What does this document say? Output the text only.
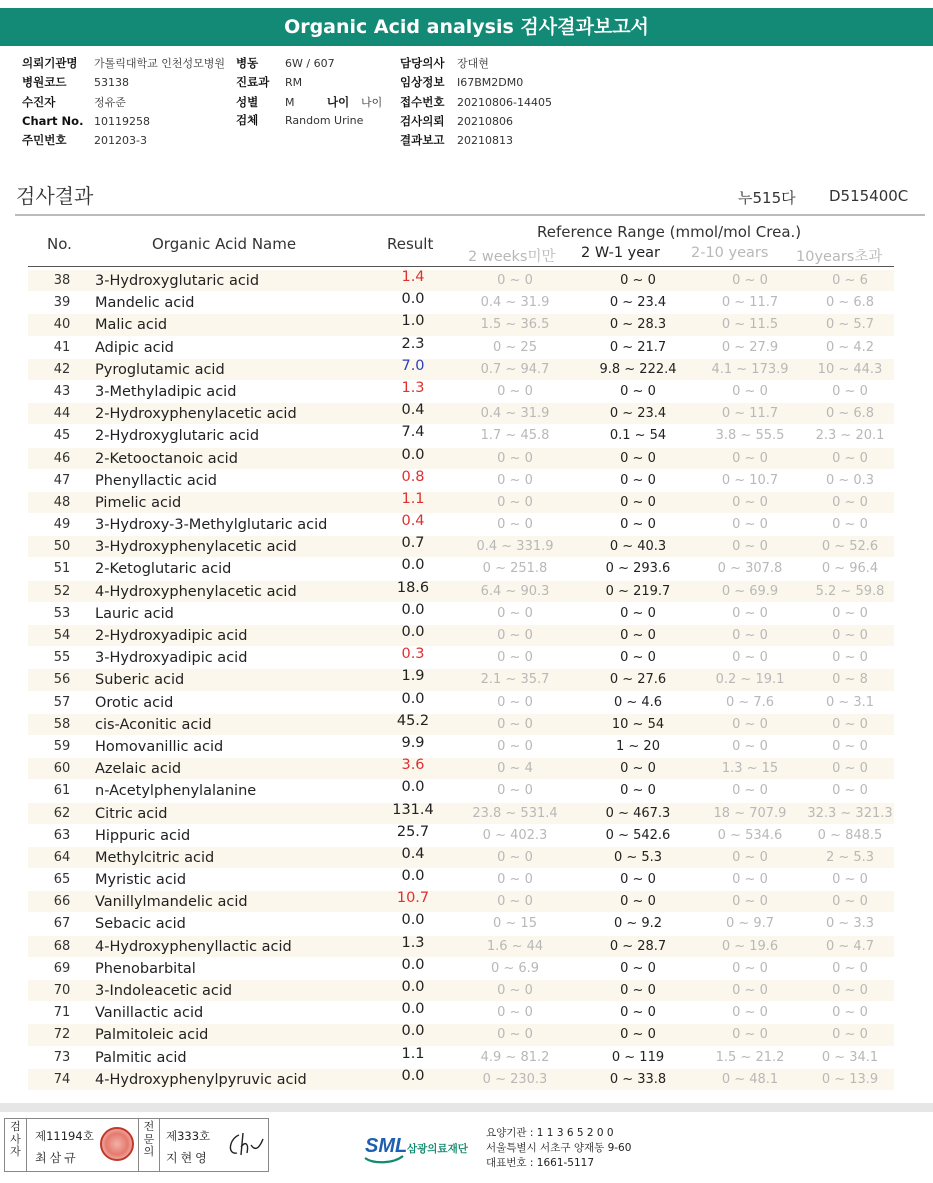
Organic Acid analysis 검사결과보고서
의뢰기관명 가톨릭대학교 인천성모병원
병원코드	53138
수진자	정유준
Chart No. 10119258
주민번호	201203-3
병동 6W / 607
진료과 RM
성별 M	나이 나이
검체 Random Urine
담당의사 장대현
임상정보 I67BM2DM0
접수번호 20210806-14405
검사의뢰 20210806
결과보고 20210813
검사결과	누515다 D515400C
No.	Organic Acid Name	Result
Reference Range (mmol/mol Crea.)
2 weeks미만 2 W-1 year 2-10 years 10years초과
38	3-Hydroxyglutaric acid	1.4	0 ~ 0	0 ~ 0	0 ~ 0	0 ~ 6
39	Mandelic acid	0.0	0.4 ~ 31.9	0 ~ 23.4	0 ~ 11.7	0 ~ 6.8
40	Malic acid	1.0	1.5 ~ 36.5	0 ~ 28.3	0 ~ 11.5	0 ~ 5.7
41	Adipic acid	2.3	0 ~ 25	0 ~ 21.7	0 ~ 27.9	0 ~ 4.2
42	Pyroglutamic acid	7.0	0.7 ~ 94.7	9.8 ~ 222.4	4.1 ~ 173.9	10 ~ 44.3
43	3-Methyladipic acid	1.3	0 ~ 0	0 ~ 0	0 ~ 0	0 ~ 0
44	2-Hydroxyphenylacetic acid	0.4	0.4 ~ 31.9	0 ~ 23.4	0 ~ 11.7	0 ~ 6.8
45	2-Hydroxyglutaric acid	7.4	1.7 ~ 45.8	0.1 ~ 54	3.8 ~ 55.5	2.3 ~ 20.1
46	2-Ketooctanoic acid	0.0	0 ~ 0	0 ~ 0	0 ~ 0	0 ~ 0
47	Phenyllactic acid	0.8	0 ~ 0	0 ~ 0	0 ~ 10.7	0 ~ 0.3
48	Pimelic acid	1.1	0 ~ 0	0 ~ 0	0 ~ 0	0 ~ 0
49	3-Hydroxy-3-Methylglutaric acid	0.4	0 ~ 0	0 ~ 0	0 ~ 0	0 ~ 0
50	3-Hydroxyphenylacetic acid	0.7	0.4 ~ 331.9	0 ~ 40.3	0 ~ 0	0 ~ 52.6
51	2-Ketoglutaric acid	0.0	0 ~ 251.8	0 ~ 293.6	0 ~ 307.8	0 ~ 96.4
52	4-Hydroxyphenylacetic acid	18.6	6.4 ~ 90.3	0 ~ 219.7	0 ~ 69.9	5.2 ~ 59.8
53	Lauric acid	0.0	0 ~ 0	0 ~ 0	0 ~ 0	0 ~ 0
54	2-Hydroxyadipic acid	0.0	0 ~ 0	0 ~ 0	0 ~ 0	0 ~ 0
55	3-Hydroxyadipic acid	0.3	0 ~ 0	0 ~ 0	0 ~ 0	0 ~ 0
56	Suberic acid	1.9	2.1 ~ 35.7	0 ~ 27.6	0.2 ~ 19.1	0 ~ 8
57	Orotic acid	0.0	0 ~ 0	0 ~ 4.6	0 ~ 7.6	0 ~ 3.1
58	cis-Aconitic acid	45.2	0 ~ 0	10 ~ 54	0 ~ 0	0 ~ 0
59	Homovanillic acid	9.9	0 ~ 0	1 ~ 20	0 ~ 0	0 ~ 0
60	Azelaic acid	3.6	0 ~ 4	0 ~ 0	1.3 ~ 15	0 ~ 0
61	n-Acetylphenylalanine	0.0	0 ~ 0	0 ~ 0	0 ~ 0	0 ~ 0
62	Citric acid	131.4	23.8 ~ 531.4	0 ~ 467.3	18 ~ 707.9	32.3 ~ 321.3
63	Hippuric acid	25.7	0 ~ 402.3	0 ~ 542.6	0 ~ 534.6	0 ~ 848.5
64	Methylcitric acid	0.4	0 ~ 0	0 ~ 5.3	0 ~ 0	2 ~ 5.3
65	Myristic acid	0.0	0 ~ 0	0 ~ 0	0 ~ 0	0 ~ 0
66	Vanillylmandelic acid	10.7	0 ~ 0	0 ~ 0	0 ~ 0	0 ~ 0
67	Sebacic acid	0.0	0 ~ 15	0 ~ 9.2	0 ~ 9.7	0 ~ 3.3
68	4-Hydroxyphenyllactic acid	1.3	1.6 ~ 44	0 ~ 28.7	0 ~ 19.6	0 ~ 4.7
69	Phenobarbital	0.0	0 ~ 6.9	0 ~ 0	0 ~ 0	0 ~ 0
70	3-Indoleacetic acid	0.0	0 ~ 0	0 ~ 0	0 ~ 0	0 ~ 0
71	Vanillactic acid	0.0	0 ~ 0	0 ~ 0	0 ~ 0	0 ~ 0
72	Palmitoleic acid	0.0	0 ~ 0	0 ~ 0	0 ~ 0	0 ~ 0
73	Palmitic acid	1.1	4.9 ~ 81.2	0 ~ 119	1.5 ~ 21.2	0 ~ 34.1
74	4-Hydroxyphenylpyruvic acid	0.0	0 ~ 230.3	0 ~ 33.8	0 ~ 48.1	0 ~ 13.9
검사자
제11194호
최삼규
전문의
제333호
지현영
SML 삼광의료재단
요양기관 : 1 1 3 6 5 2 0 0
서울특별시 서초구 양재동 9-60
대표번호 : 1661-5117
